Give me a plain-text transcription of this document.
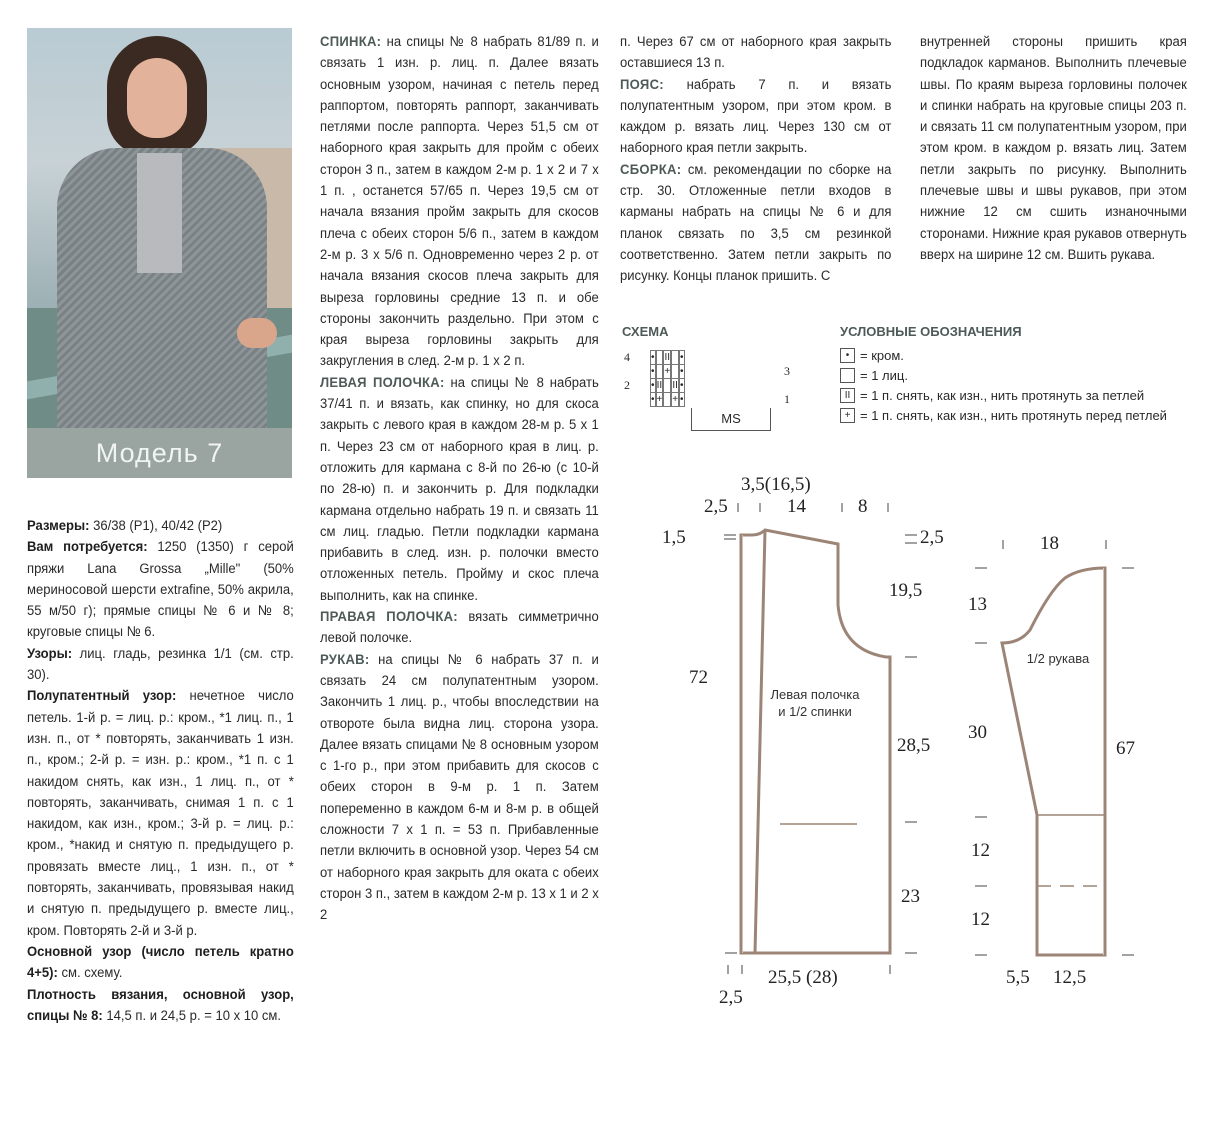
Модель 7

Размеры: 36/38 (P1), 40/42 (P2)

Вам потребуется: 1250 (1350) г серой пряжи Lana Grossa „Mille" (50% мериносовой шерсти extrafine, 50% акрила, 55 м/50 г); прямые спицы № 6 и № 8; круговые спицы № 6.

Узоры: лиц. гладь, резинка 1/1 (см. стр. 30).

Полупатентный узор: нечетное число петель. 1-й р. = лиц. р.: кром., *1 лиц. п., 1 изн. п., от * повторять, заканчивать 1 изн. п., кром.; 2-й р. = изн. р.: кром., *1 п. с 1 накидом снять, как изн., 1 лиц. п., от * повторять, заканчивать, снимая 1 п. с 1 накидом, как изн., кром.; 3-й р. = лиц. р.: кром., *накид и снятую п. предыдущего р. провязать вместе лиц., 1 изн. п., от * повторять, заканчивать, провязывая накид и снятую п. предыдущего р. вместе лиц., кром. Повторять 2-й и 3-й р.

Основной узор (число петель кратно 4+5): см. схему.

Плотность вязания, основной узор, спицы № 8: 14,5 п. и 24,5 р. = 10 х 10 см.

СПИНКА: на спицы № 8 набрать 81/89 п. и связать 1 изн. р. лиц. п. Далее вязать основным узором, начиная с петель перед раппортом, повторять раппорт, заканчивать петлями после раппорта. Через 51,5 см от наборного края закрыть для пройм с обеих сторон 3 п., затем в каждом 2-м р. 1 х 2 и 7 х 1 п. , останется 57/65 п. Через 19,5 см от начала вязания пройм закрыть для скосов плеча с обеих сторон 5/6 п., затем в каждом 2-м р. 3 х 5/6 п. Одновременно через 2 р. от начала вязания скосов плеча закрыть для выреза горловины средние 13 п. и обе стороны закончить раздельно. При этом с края выреза горловины закрыть для закругления в след. 2-м р. 1 х 2 п.

ЛЕВАЯ ПОЛОЧКА: на спицы № 8 набрать 37/41 п. и вязать, как спинку, но для скоса закрыть с левого края в каждом 28-м р. 5 х 1 п. Через 23 см от наборного края в лиц. р. отложить для кармана с 8-й по 26-ю (с 10-й по 28-ю) п. и закончить р. Для подкладки кармана отдельно набрать 19 п. и связать 11 см лиц. гладью. Петли подкладки кармана прибавить в след. изн. р. полочки вместо отложенных петель. Пройму и скос плеча выполнить, как на спинке.

ПРАВАЯ ПОЛОЧКА: вязать симметрично левой полочке.

РУКАВ: на спицы № 6 набрать 37 п. и связать 24 см полупатентным узором. Закончить 1 лиц. р., чтобы впоследствии на отвороте была видна лиц. сторона узора. Далее вязать спицами № 8 основным узором с 1-го р., при этом прибавить для скосов с обеих сторон в 9-м р. 1 п. Затем попеременно в каждом 6-м и 8-м р. в общей сложности 7 х 1 п. = 53 п. Прибавленные петли включить в основной узор. Через 54 см от наборного края закрыть для оката с обеих сторон 3 п., затем в каждом 2-м р. 13 х 1 и 2 х 2

п. Через 67 см от наборного края закрыть оставшиеся 13 п.

ПОЯС: набрать 7 п. и вязать полупатентным узором, при этом кром. в каждом р. вязать лиц. Через 130 см от наборного края петли закрыть.

СБОРКА: см. рекомендации по сборке на стр. 30. Отложенные петли входов в карманы набрать на спицы № 6 и для планок связать по 3,5 см резинкой соответственно. Затем петли закрыть по рисунку. Концы планок пришить. С

внутренней стороны пришить края подкладок карманов. Выполнить плечевые швы. По краям выреза горловины полочек и спинки набрать на круговые спицы 203 п. и связать 11 см полупатентным узором, при этом кром. в каждом р. вязать лиц. Затем петли закрыть по рисунку. Выполнить плечевые швы и швы рукавов, при этом нижние 12 см сшить изнаночными сторонами. Нижние края рукавов отвернуть вверх на ширине 12 см. Вшить рукава.

СХЕМА
4
3
2
1
•				II				•
•				+				•
•		II				II		•
•		+				+		•
MS
УСЛОВНЫЕ ОБОЗНАЧЕНИЯ
• = кром.
= 1 лиц.
II = 1 п. снять, как изн., нить протянуть за петлей
+ = 1 п. снять, как изн., нить протянуть перед петлей
3,5(16,5)
2,5	14	8
1,5	2,5
19,5
72
28,5
23
25,5 (28)
2,5
Левая полочка
и 1/2 спинки
18
13
30
67
12
12
5,5 12,5
1/2 рукава
